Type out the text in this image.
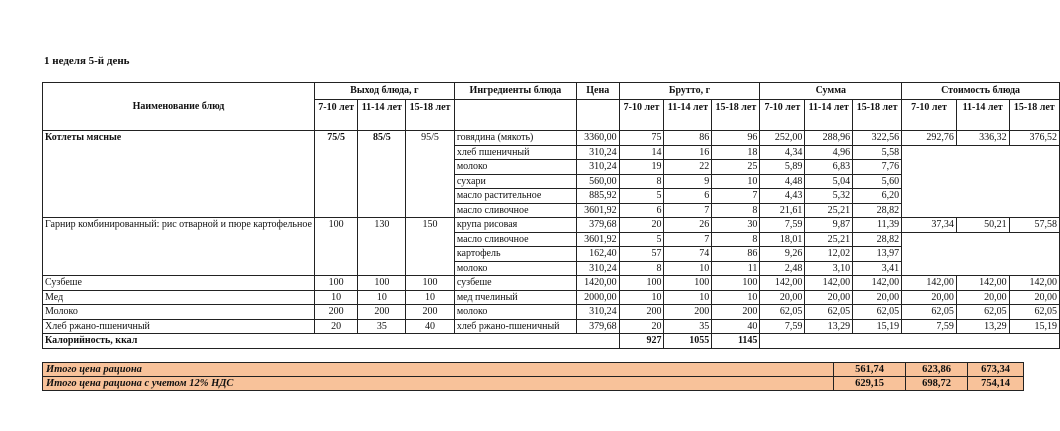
1 неделя 5-й день
Наименование блюд	Выход блюда, г			Ингредиенты блюда	Цена	Брутто, г			Сумма			Стоимость блюда		
	7-10 лет	11-14 лет	15-18 лет			7-10 лет	11-14 лет	15-18 лет	7-10 лет	11-14 лет	15-18 лет	7-10 лет	11-14 лет	15-18 лет
Котлеты мясные	75/5	85/5	95/5	говядина (мякоть)	3360,00	75	86	96	252,00	288,96	322,56	292,76	336,32	376,52
				хлеб пшеничный	310,24	14	16	18	4,34	4,96	5,58			
				молоко	310,24	19	22	25	5,89	6,83	7,76			
				сухари	560,00	8	9	10	4,48	5,04	5,60			
				масло растительное	885,92	5	6	7	4,43	5,32	6,20			
				масло сливочное	3601,92	6	7	8	21,61	25,21	28,82			
Гарнир комбинированный: рис отварной и пюре картофельное	100	130	150	крупа рисовая	379,68	20	26	30	7,59	9,87	11,39	37,34	50,21	57,58
				масло сливочное	3601,92	5	7	8	18,01	25,21	28,82			
				картофель	162,40	57	74	86	9,26	12,02	13,97			
				молоко	310,24	8	10	11	2,48	3,10	3,41			
Сузбеше	100	100	100	сузбеше	1420,00	100	100	100	142,00	142,00	142,00	142,00	142,00	142,00
Мед	10	10	10	мед пчелиный	2000,00	10	10	10	20,00	20,00	20,00	20,00	20,00	20,00
Молоко	200	200	200	молоко	310,24	200	200	200	62,05	62,05	62,05	62,05	62,05	62,05
Хлеб ржано-пшеничный	20	35	40	хлеб ржано-пшеничный	379,68	20	35	40	7,59	13,29	15,19	7,59	13,29	15,19
Калорийность, ккал						927	1055	1145						
Итого цена рациона	561,74	623,86	673,34
Итого цена рациона с учетом 12% НДС	629,15	698,72	754,14
